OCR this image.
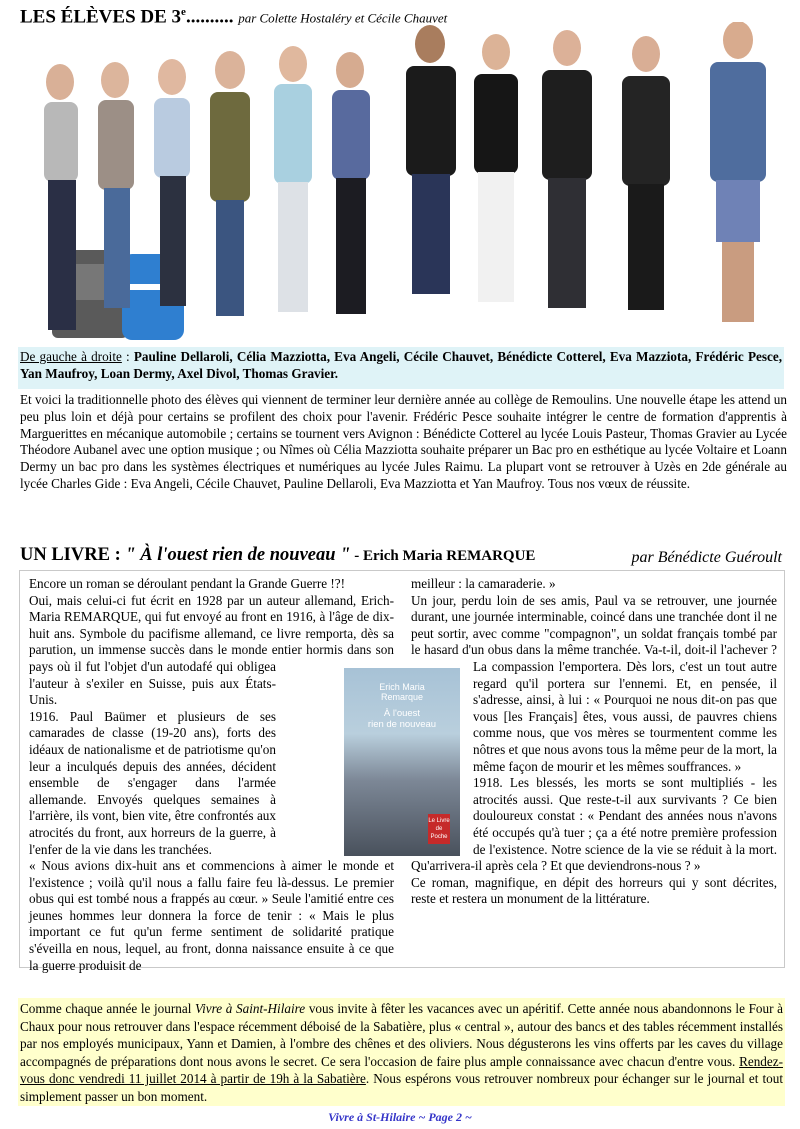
LES ÉLÈVES DE 3e.......... par Colette Hostaléry et Cécile Chauvet
De gauche à droite : Pauline Dellaroli, Célia Mazziotta, Eva Angeli, Cécile Chauvet, Bénédicte Cotterel, Eva Mazziota, Frédéric Pesce, Yan Maufroy, Loan Dermy, Axel Divol, Thomas Gravier.
Et voici la traditionnelle photo des élèves qui viennent de terminer leur dernière année au collège de Remoulins. Une nouvelle étape les attend un peu plus loin et déjà pour certains se profilent des choix pour l'avenir. Frédéric Pesce souhaite intégrer le centre de formation d'apprentis à Marguerittes en mécanique automobile ; certains se tournent vers Avignon : Bénédicte Cotterel au lycée Louis Pasteur, Thomas Gravier au Lycée Théodore Aubanel avec une option musique ; ou Nîmes où Célia Mazziotta souhaite préparer un Bac pro en esthétique au lycée Voltaire et Loann Dermy un bac pro dans les systèmes électriques et numériques au lycée Jules Raimu. La plupart vont se retrouver à Uzès en 2de générale au lycée Charles Gide : Eva Angeli, Cécile Chauvet, Pauline Dellaroli, Eva Mazziotta et Yan Maufroy. Tous nos vœux de réussite.
UN LIVRE : " À l'ouest rien de nouveau " - Erich Maria REMARQUE	par Bénédicte Guéroult

Encore un roman se déroulant pendant la Grande Guerre !?!

Oui, mais celui-ci fut écrit en 1928 par un auteur allemand, Erich-Maria REMARQUE, qui fut envoyé au front en 1916, à l'âge de dix-huit ans. Symbole du pacifisme allemand, ce livre remporta, dès sa parution, un immense succès dans le monde entier hormis dans son pays où il fut l'objet d'un autodafé qui obligea l'auteur à s'exiler en Suisse, puis aux États-Unis.

1916. Paul Baümer et plusieurs de ses camarades de classe (19-20 ans), forts des idéaux de nationalisme et de patriotisme qu'on leur a inculqués depuis des années, décident ensemble de s'engager dans l'armée allemande. Envoyés quelques semaines à l'arrière, ils vont, bien vite, être confrontés aux atrocités du front, aux horreurs de la guerre, à l'enfer de la vie dans les tranchées.

« Nous avions dix-huit ans et commencions à aimer le monde et l'existence ; voilà qu'il nous a fallu faire feu là-dessus. Le premier obus qui est tombé nous a frappés au cœur. » Seule l'amitié entre ces jeunes hommes leur donnera la force de tenir : « Mais le plus important ce fut qu'un ferme sentiment de solidarité pratique s'éveilla en nous, lequel, au front, donna naissance ensuite à ce que la guerre produisit de

meilleur : la camaraderie. »

Un jour, perdu loin de ses amis, Paul va se retrouver, une journée durant, une journée interminable, coincé dans une tranchée dont il ne peut sortir, avec comme "compagnon", un soldat français tombé par le hasard d'un obus dans la même tranchée. Va-t-il, doit-il l'achever ? La compassion l'emportera. Dès lors, c'est un tout autre regard qu'il portera sur l'ennemi. Et, en pensée, il s'adresse, ainsi, à lui : « Pourquoi ne nous dit-on pas que vous [les Français] êtes, vous aussi, de pauvres chiens comme nous, que vos mères se tourmentent comme les nôtres et que nous avons tous la même peur de la mort, la même façon de mourir et les mêmes souffrances. »

1918. Les blessés, les morts se sont multipliés - les atrocités aussi. Que reste-t-il aux survivants ? Ce bien douloureux constat : « Pendant des années nous n'avons été occupés qu'à tuer ; ça a été notre première profession de l'existence. Notre science de la vie se réduit à la mort. Qu'arrivera-il après cela ? Et que deviendrons-nous ? »

Ce roman, magnifique, en dépit des horreurs qui y sont décrites, reste et restera un monument de la littérature.

Erich Maria
Remarque
À l'ouest
rien de nouveau
Le Livre de Poche
Comme chaque année le journal Vivre à Saint-Hilaire vous invite à fêter les vacances avec un apéritif. Cette année nous abandonnons le Four à Chaux pour nous retrouver dans l'espace récemment déboisé de la Sabatière, plus « central », autour des bancs et des tables récemment installés par nos employés municipaux, Yann et Damien, à l'ombre des chênes et des oliviers. Nous dégusterons les vins offerts par les caves du village accompagnés de préparations dont nous avons le secret. Ce sera l'occasion de faire plus ample connaissance avec chacun d'entre vous. Rendez-vous donc vendredi 11 juillet 2014 à partir de 19h à la Sabatière. Nous espérons vous retrouver nombreux pour échanger sur le journal et tout simplement passer un bon moment.
Vivre à St-Hilaire ~ Page 2 ~
